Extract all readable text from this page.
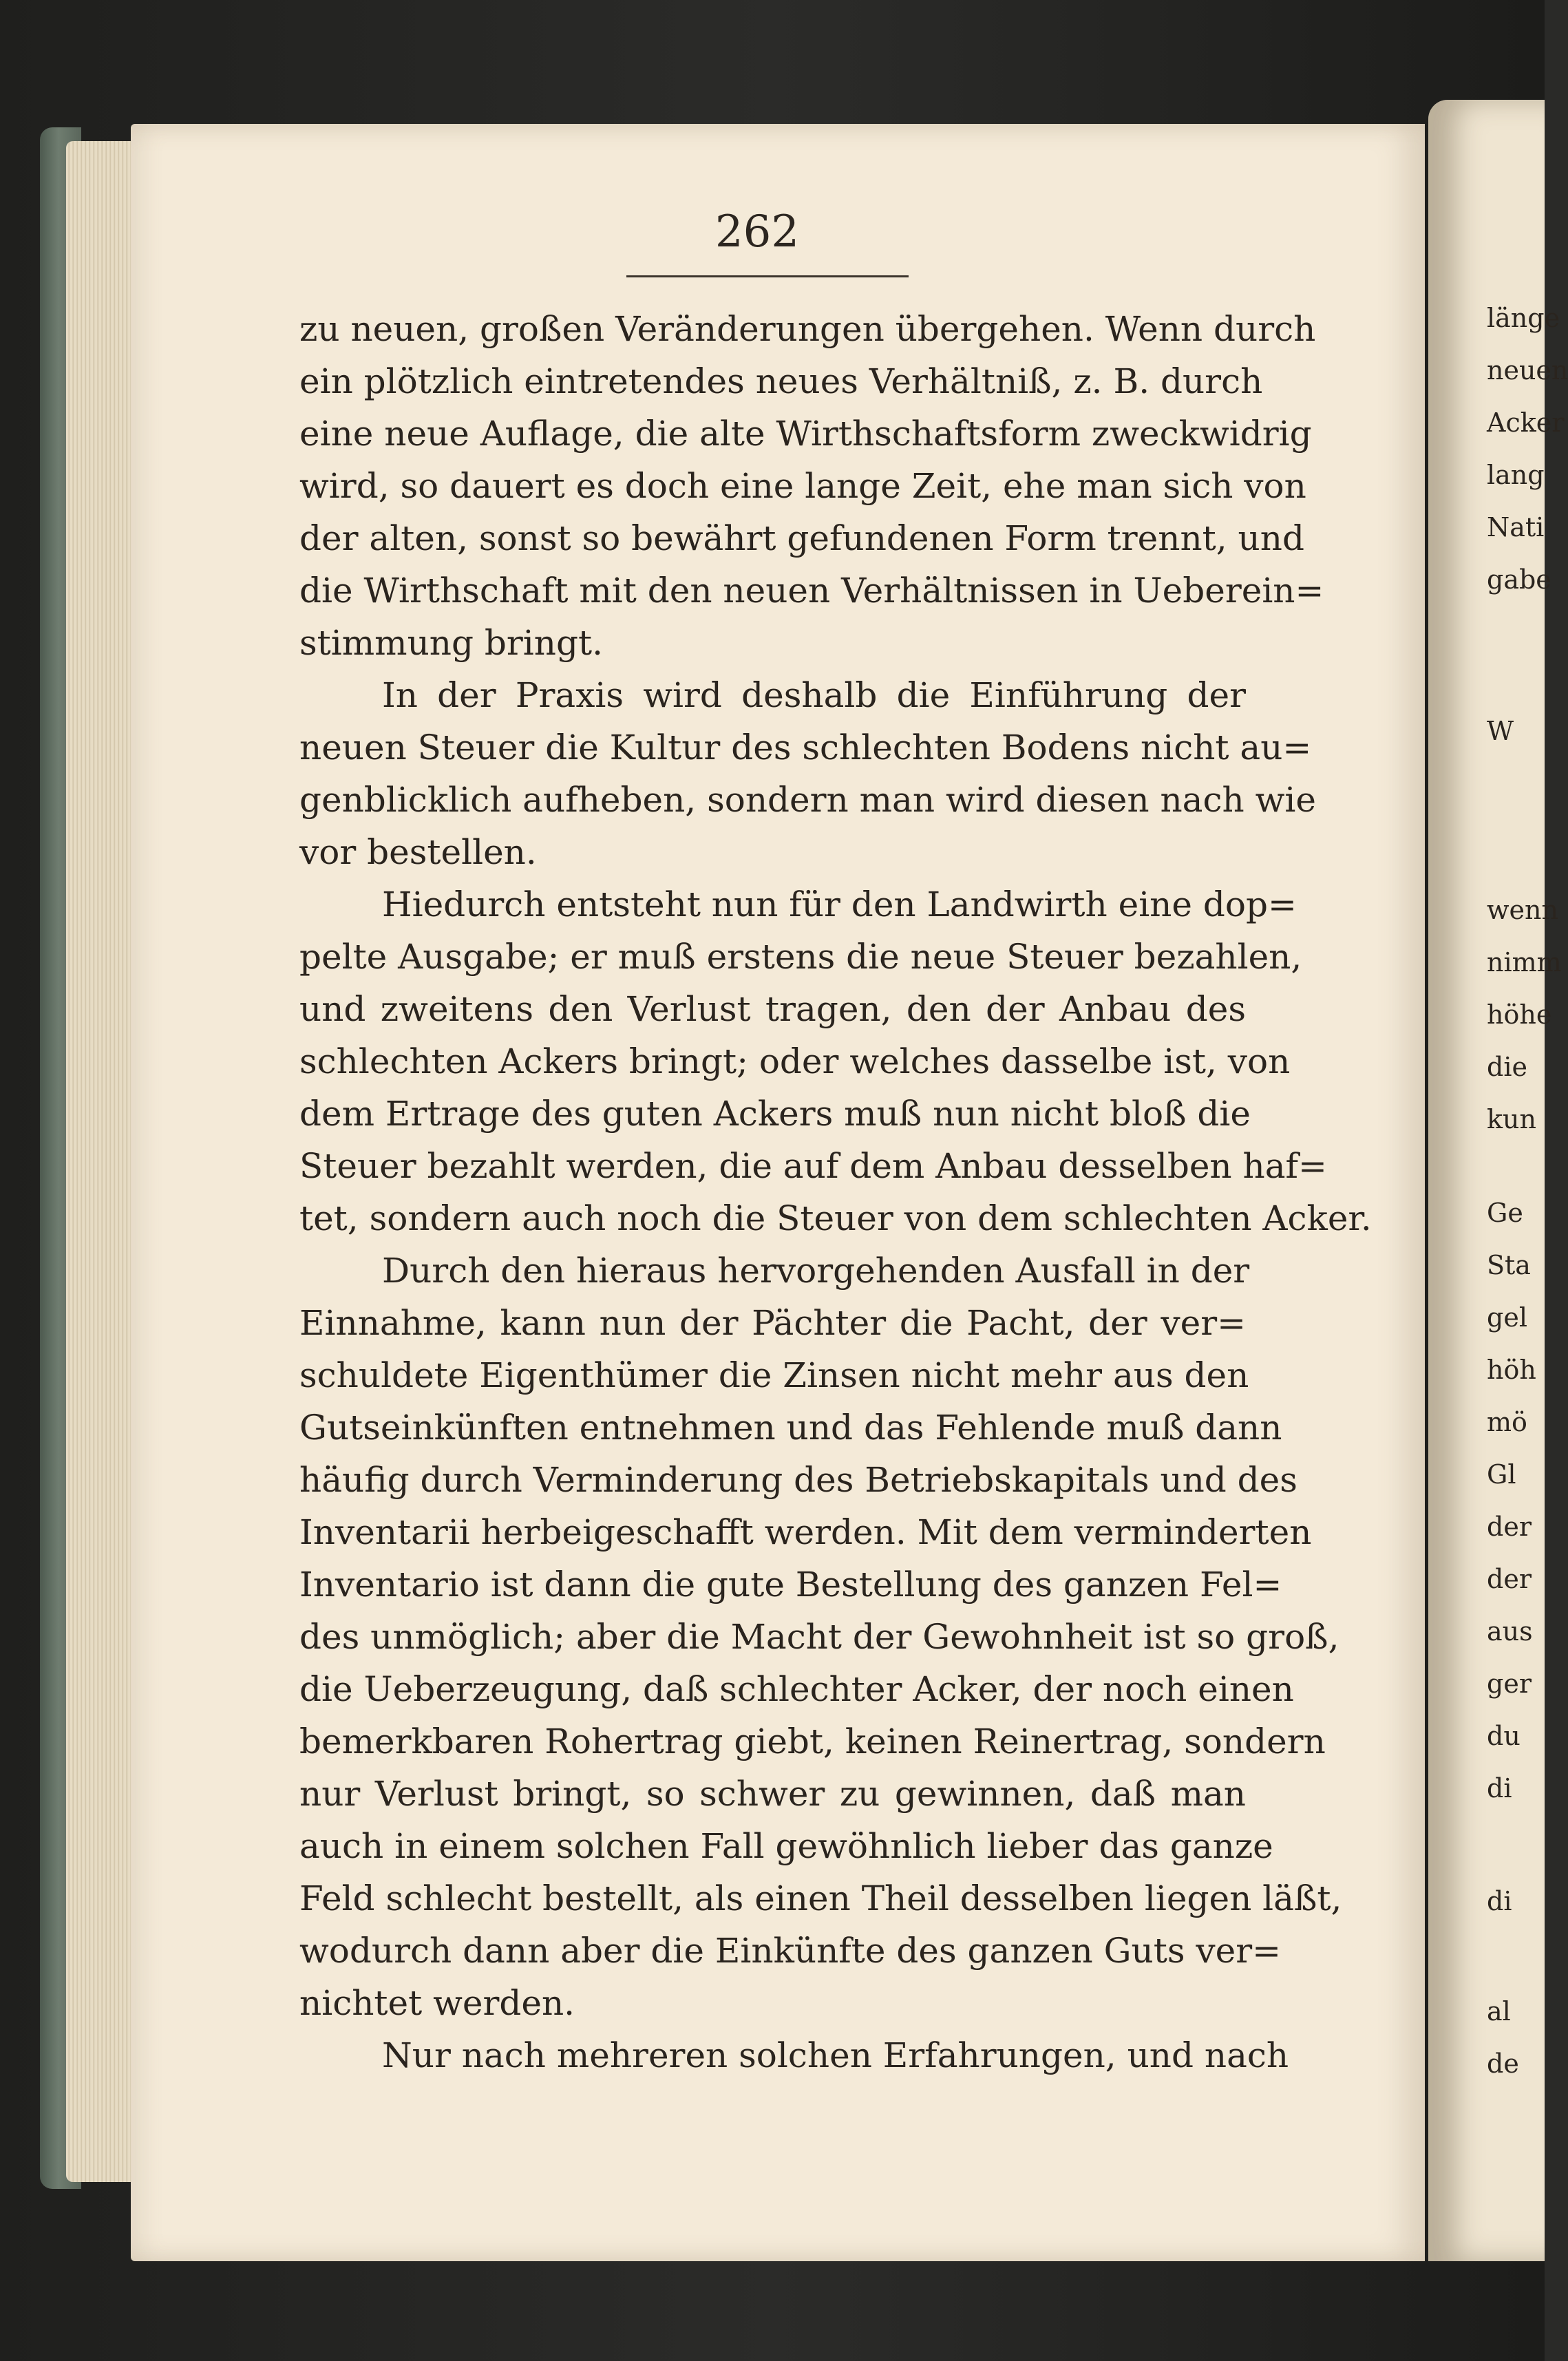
262
zu neuen, großen Veränderungen übergehen. Wenn durch
ein plötzlich eintretendes neues Verhältniß, z. B. durch
eine neue Auflage, die alte Wirthschaftsform zweckwidrig
wird, so dauert es doch eine lange Zeit, ehe man sich von
der alten, sonst so bewährt gefundenen Form trennt, und
die Wirthschaft mit den neuen Verhältnissen in Ueberein=
stimmung bringt.
In der Praxis wird deshalb die Einführung der
neuen Steuer die Kultur des schlechten Bodens nicht au=
genblicklich aufheben, sondern man wird diesen nach wie
vor bestellen.
Hiedurch entsteht nun für den Landwirth eine dop=
pelte Ausgabe; er muß erstens die neue Steuer bezahlen,
und zweitens den Verlust tragen, den der Anbau des
schlechten Ackers bringt; oder welches dasselbe ist, von
dem Ertrage des guten Ackers muß nun nicht bloß die
Steuer bezahlt werden, die auf dem Anbau desselben haf=
tet, sondern auch noch die Steuer von dem schlechten Acker.
Durch den hieraus hervorgehenden Ausfall in der
Einnahme, kann nun der Pächter die Pacht, der ver=
schuldete Eigenthümer die Zinsen nicht mehr aus den
Gutseinkünften entnehmen und das Fehlende muß dann
häufig durch Verminderung des Betriebskapitals und des
Inventarii herbeigeschafft werden. Mit dem verminderten
Inventario ist dann die gute Bestellung des ganzen Fel=
des unmöglich; aber die Macht der Gewohnheit ist so groß,
die Ueberzeugung, daß schlechter Acker, der noch einen
bemerkbaren Rohertrag giebt, keinen Reinertrag, sondern
nur Verlust bringt, so schwer zu gewinnen, daß man
auch in einem solchen Fall gewöhnlich lieber das ganze
Feld schlecht bestellt, als einen Theil desselben liegen läßt,
wodurch dann aber die Einkünfte des ganzen Guts ver=
nichtet werden.
Nur nach mehreren solchen Erfahrungen, und nach
länge
neuen
Acker
lang
Nati
gabe
W
wenn
nimm
höhe
die
kun
Ge
Sta
gel
höh
mö
Gl
der
der
aus
ger
du
di
di
al
de
